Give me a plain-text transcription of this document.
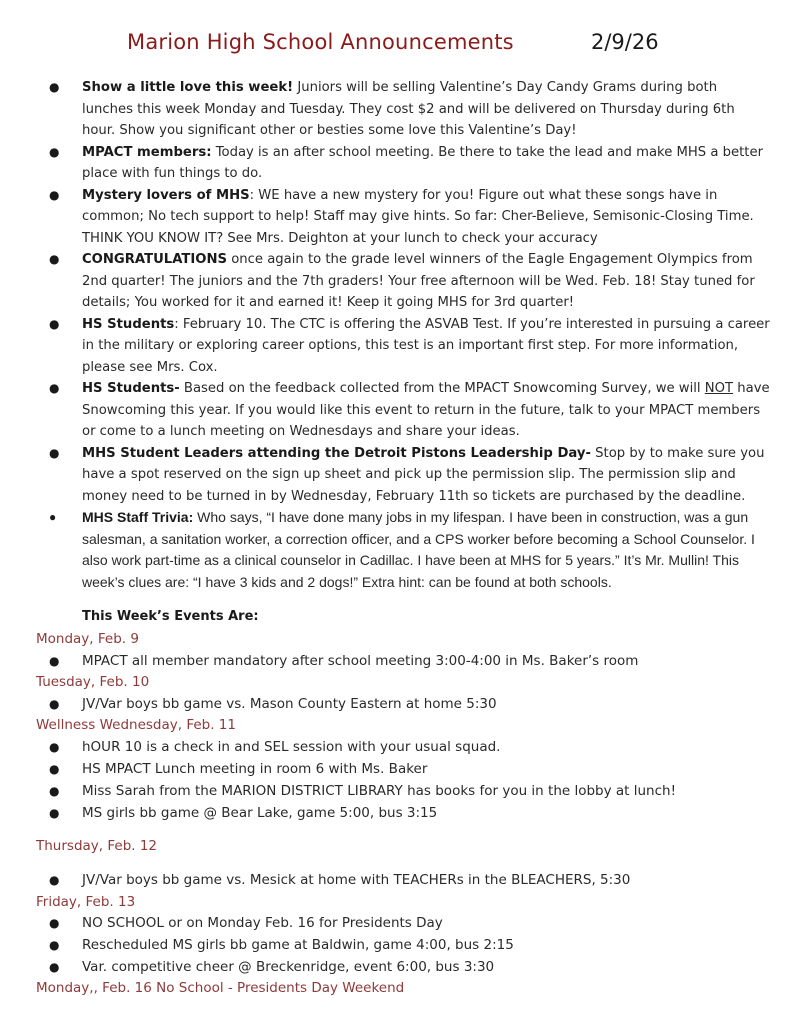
Marion High School Announcements	2/9/26
● Show a little love this week! Juniors will be selling Valentine’s Day Candy Grams during both lunches this week Monday and Tuesday. They cost $2 and will be delivered on Thursday during 6th hour. Show you significant other or besties some love this Valentine’s Day!
● MPACT members: Today is an after school meeting. Be there to take the lead and make MHS a better place with fun things to do.
● Mystery lovers of MHS: WE have a new mystery for you! Figure out what these songs have in common; No tech support to help! Staff may give hints. So far: Cher-Believe, Semisonic-Closing Time. THINK YOU KNOW IT? See Mrs. Deighton at your lunch to check your accuracy
● CONGRATULATIONS once again to the grade level winners of the Eagle Engagement Olympics from 2nd quarter! The juniors and the 7th graders! Your free afternoon will be Wed. Feb. 18! Stay tuned for details; You worked for it and earned it! Keep it going MHS for 3rd quarter!
● HS Students: February 10. The CTC is offering the ASVAB Test. If you’re interested in pursuing a career in the military or exploring career options, this test is an important first step. For more information, please see Mrs. Cox.
● HS Students- Based on the feedback collected from the MPACT Snowcoming Survey, we will NOT have Snowcoming this year. If you would like this event to return in the future, talk to your MPACT members or come to a lunch meeting on Wednesdays and share your ideas.
● MHS Student Leaders attending the Detroit Pistons Leadership Day- Stop by to make sure you have a spot reserved on the sign up sheet and pick up the permission slip. The permission slip and money need to be turned in by Wednesday, February 11th so tickets are purchased by the deadline.
● MHS Staff Trivia: Who says, “I have done many jobs in my lifespan. I have been in construction, was a gun salesman, a sanitation worker, a correction officer, and a CPS worker before becoming a School Counselor. I also work part-time as a clinical counselor in Cadillac. I have been at MHS for 5 years.” It’s Mr. Mullin! This week’s clues are: “I have 3 kids and 2 dogs!” Extra hint: can be found at both schools.
This Week’s Events Are:
Monday, Feb. 9
● MPACT all member mandatory after school meeting 3:00-4:00 in Ms. Baker’s room
Tuesday, Feb. 10
● JV/Var boys bb game vs. Mason County Eastern at home 5:30
Wellness Wednesday, Feb. 11
● hOUR 10 is a check in and SEL session with your usual squad.
● HS MPACT Lunch meeting in room 6 with Ms. Baker
● Miss Sarah from the MARION DISTRICT LIBRARY has books for you in the lobby at lunch!
● MS girls bb game @ Bear Lake, game 5:00, bus 3:15
Thursday, Feb. 12
● JV/Var boys bb game vs. Mesick at home with TEACHERs in the BLEACHERS, 5:30
Friday, Feb. 13
● NO SCHOOL or on Monday Feb. 16 for Presidents Day
● Rescheduled MS girls bb game at Baldwin, game 4:00, bus 2:15
● Var. competitive cheer @ Breckenridge, event 6:00, bus 3:30
Monday,, Feb. 16 No School - Presidents Day Weekend
